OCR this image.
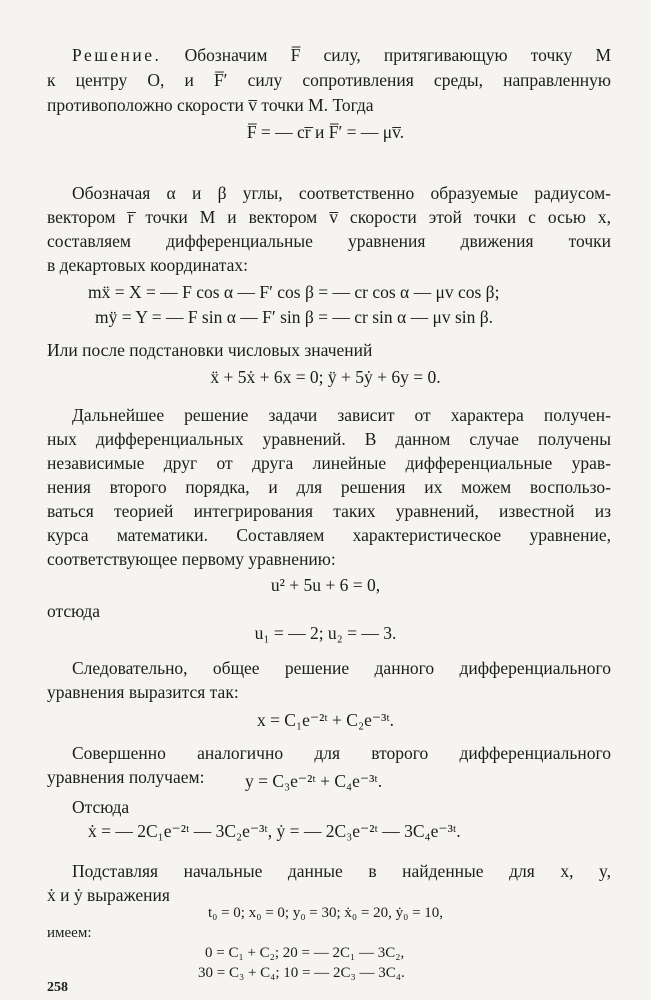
Решение. Обозначим F̅ силу, притягивающую точку M
к центру O, и F̅′ силу сопротивления среды, направленную
противоположно скорости v̅ точки M. Тогда
F̅ = — cr̅ и F̅′ = — μv̅.
Обозначая α и β углы, соответственно образуемые радиусом-
вектором r̅ точки M и вектором v̅ скорости этой точки с осью x,
составляем дифференциальные уравнения движения точки
в декартовых координатах:
mẍ = X = — F cos α — F′ cos β = — cr cos α — μv cos β;
mÿ = Y = — F sin α — F′ sin β = — cr sin α — μv sin β.
Или после подстановки числовых значений
ẍ + 5ẋ + 6x = 0; ÿ + 5ẏ + 6y = 0.
Дальнейшее решение задачи зависит от характера получен-
ных дифференциальных уравнений. В данном случае получены
независимые друг от друга линейные дифференциальные урав-
нения второго порядка, и для решения их можем воспользо-
ваться теорией интегрирования таких уравнений, известной из
курса математики. Составляем характеристическое уравнение,
соответствующее первому уравнению:
u² + 5u + 6 = 0,
отсюда
u₁ = — 2; u₂ = — 3.
Следовательно, общее решение данного дифференциального
уравнения выразится так:
x = C₁e⁻²ᵗ + C₂e⁻³ᵗ.
Совершенно аналогично для второго дифференциального
уравнения получаем: y = C₃e⁻²ᵗ + C₄e⁻³ᵗ.
Отсюда
ẋ = — 2C₁e⁻²ᵗ — 3C₂e⁻³ᵗ, ẏ = — 2C₃e⁻²ᵗ — 3C₄e⁻³ᵗ.
Подставляя начальные данные в найденные для x, y,
ẋ и ẏ выражения
t₀ = 0; x₀ = 0; y₀ = 30; ẋ₀ = 20, ẏ₀ = 10,
имеем:
0 = C₁ + C₂; 20 = — 2C₁ — 3C₂,
30 = C₃ + C₄; 10 = — 2C₃ — 3C₄.
258
